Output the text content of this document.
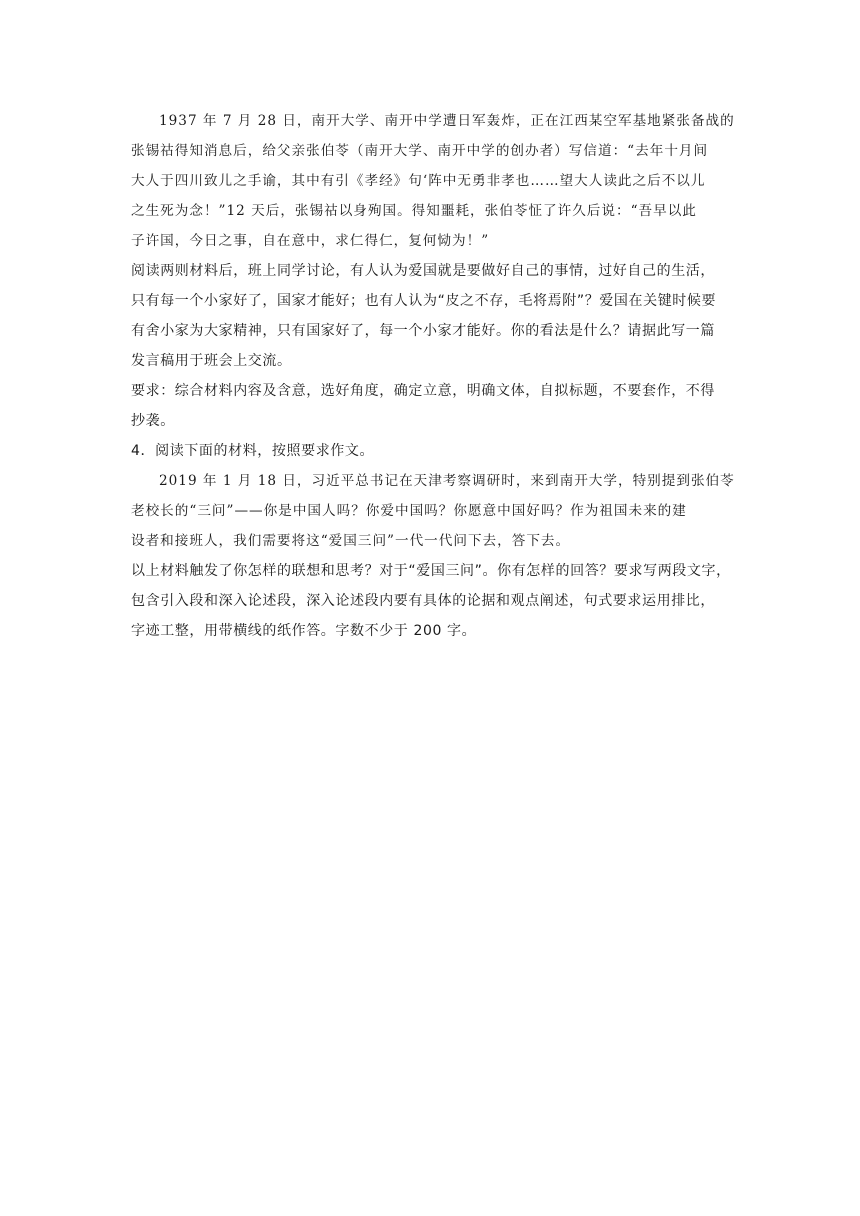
1937 年 7 月 28 日，南开大学、南开中学遭日军轰炸，正在江西某空军基地紧张备战的
张锡祜得知消息后，给父亲张伯苓（南开大学、南开中学的创办者）写信道：“去年十月间
大人于四川致儿之手谕，其中有引《孝经》句‘阵中无勇非孝也……望大人读此之后不以儿
之生死为念！”12 天后，张锡祜以身殉国。得知噩耗，张伯苓怔了许久后说：“吾早以此
子许国，今日之事，自在意中，求仁得仁，复何恸为！”
阅读两则材料后，班上同学讨论，有人认为爱国就是要做好自己的事情，过好自己的生活，
只有每一个小家好了，国家才能好；也有人认为“皮之不存，毛将焉附”？爱国在关键时候要
有舍小家为大家精神，只有国家好了，每一个小家才能好。你的看法是什么？请据此写一篇
发言稿用于班会上交流。
要求：综合材料内容及含意，选好角度，确定立意，明确文体，自拟标题，不要套作，不得
抄袭。
4．阅读下面的材料，按照要求作文。
2019 年 1 月 18 日，习近平总书记在天津考察调研时，来到南开大学，特别提到张伯苓
老校长的“三问”——你是中国人吗？你爱中国吗？你愿意中国好吗？作为祖国未来的建
设者和接班人，我们需要将这“爱国三问”一代一代问下去，答下去。
以上材料触发了你怎样的联想和思考？对于“爱国三问”。你有怎样的回答？要求写两段文字，
包含引入段和深入论述段，深入论述段内要有具体的论据和观点阐述，句式要求运用排比，
字迹工整，用带横线的纸作答。字数不少于 200 字。
